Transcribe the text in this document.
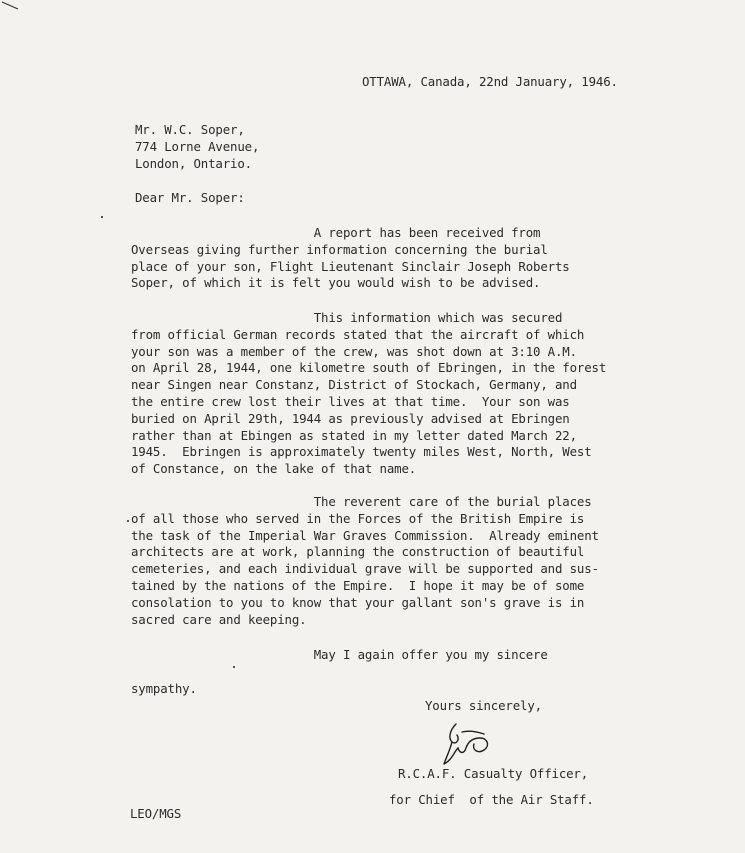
OTTAWA, Canada, 22nd January, 1946.
Mr. W.C. Soper,
774 Lorne Avenue,
London, Ontario.
Dear Mr. Soper:
A report has been received from
Overseas giving further information concerning the burial
place of your son, Flight Lieutenant Sinclair Joseph Roberts
Soper, of which it is felt you would wish to be advised.
This information which was secured
from official German records stated that the aircraft of which
your son was a member of the crew, was shot down at 3:10 A.M.
on April 28, 1944, one kilometre south of Ebringen, in the forest
near Singen near Constanz, District of Stockach, Germany, and
the entire crew lost their lives at that time.  Your son was
buried on April 29th, 1944 as previously advised at Ebringen
rather than at Ebingen as stated in my letter dated March 22,
1945.  Ebringen is approximately twenty miles West, North, West
of Constance, on the lake of that name.
The reverent care of the burial places
of all those who served in the Forces of the British Empire is
the task of the Imperial War Graves Commission.  Already eminent
architects are at work, planning the construction of beautiful
cemeteries, and each individual grave will be supported and sus-
tained by the nations of the Empire.  I hope it may be of some
consolation to you to know that your gallant son's grave is in
sacred care and keeping.
May I again offer you my sincere
sympathy.
Yours sincerely,
R.C.A.F. Casualty Officer,
for Chief  of the Air Staff.
LEO/MGS
